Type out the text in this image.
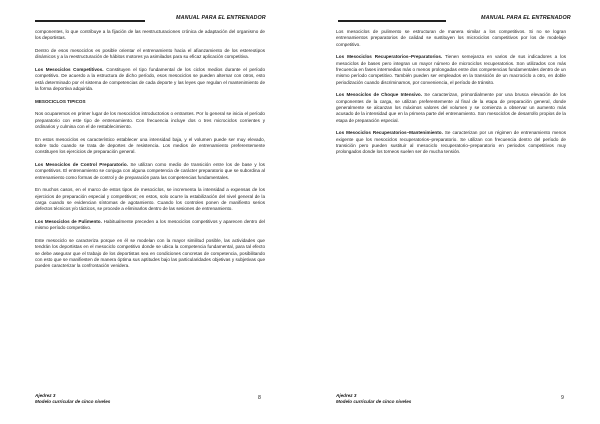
MANUAL PARA EL ENTRENADOR

componentes, lo que contribuye a la fijación de las reestructuraciones crónica de adaptación del organismo de los deportistas.

Dentro de esos mesociclos es posible orientar el entrenamiento hacia el afianzamiento de los estereotipos dinámicos y a la reestructuración de hábitos motores ya asimilados para su eficaz aplicación competitiva.

Los Mesociclos Competitivos. Constituyen el tipo fundamental de los ciclos medios durante el período competitivo. De acuerdo a la estructura de dicho período, esos mesociclos se pueden alternar con otros, esto está determinado por el sistema de competencias de cada deporte y las leyes que regulan el mantenimiento de la forma deportiva adquirida.

MESOCICLOS TIPICOS

Nos ocuparemos en primer lugar de los mesociclos introductorios o entrantes. Por lo general se inicia el período preparatorio con este tipo de entrenamiento. Con frecuencia incluye dos o tres microciclos corrientes y ordinarios y culmina con el de restablecimiento.

En estos mesociclos es característico establecer una intensidad baja, y el volumen puede ser muy elevado, sobre todo cuando se trata de deportes de resistencia. Los medios de entrenamiento preferentemente constituyen los ejercicios de preparación general.

Los Mesociclos de Control Preparatorio. Se utilizan como medio de transición entre los de base y los competitivos. El entrenamiento se conjuga con alguna competencia de carácter preparatorio que se subordina al entrenamiento como formas de control y de preparación para las competencias fundamentales.

En muchos casos, en el marco de estos tipos de mesociclos, se incrementa la intensidad a expensas de los ejercicios de preparación especial y competitivos; en estos, solo ocurre la estabilización del nivel general de la carga cuando se evidencian síntomas de agotamiento. Cuando los controles ponen de manifiesto serios defectos técnicos y/o tácticos, se procede a eliminarlos dentro de las sesiones de entrenamiento.

Los Mesociclos de Pulimento. Habitualmente preceden a los mesociclos competitivos y aparecen dentro del mismo período competitivo.

Este mesociclo se caracteriza porque en él se modelan con la mayor similitud posible, las actividades que tendrán los deportistas en el mesociclo competitivo donde se ubica la competencia fundamental, para tal efecto se debe asegurar que el trabajo de los deportistas sea en condiciones concretas de competencia, posibilitando con esto que se manifiesten de manera óptima sus aptitudes bajo las particularidades objetivas y subjetivas que pueden caracterizar la confrontación venidera.

Ajedrez 3
Modelo curricular de cinco niveles
8
MANUAL PARA EL ENTRENADOR

Los mesociclos de pulimento se estructuran de manera similar a los competitivos. Si no se logran entrenamientos preparatorios de calidad se sustituyen los microciclos competitivos por los de modelaje competitivo.

Los Mesociclos Recuperatorios–Preparatorios. Tienen semejanza en varios de sus indicadores a los mesociclos de bases pero integran un mayor número de microciclos recuperatorios. Son utilizados con más frecuencia en fases intermedias más o menos prolongadas entre dos competencias fundamentales dentro de un mismo período competitivo. También pueden ser empleados en la transición de un macrociclo a otro, en doble periodización cuando discriminamos, por conveniencia, el período de tránsito.

Los Mesociclos de Choque Intensivo. Se caracterizan, primordialmente por una brusca elevación de los componentes de la carga, se utilizan preferentemente al final de la etapa de preparación general, donde generalmente se alcanzan los máximos valores del volumen y se comienza a observar un aumento más acusado de la intensidad que en la primera parte del entrenamiento. Son mesociclos de desarrollo propios de la etapa de preparación especial.

Los Mesociclos Recuperatorios–Mantenimiento. Se caracterizan por un régimen de entrenamiento menos exigente que los mesociclos recuperatorios–preparatorio. Se utilizan con frecuencia dentro del período de transición pero pueden sustituir al mesociclo recuperatorio–preparatorio en periodos competitivos muy prolongados donde los torneos suelen ser de mucha tensión.

Ajedrez 3
Modelo curricular de cinco niveles
9
